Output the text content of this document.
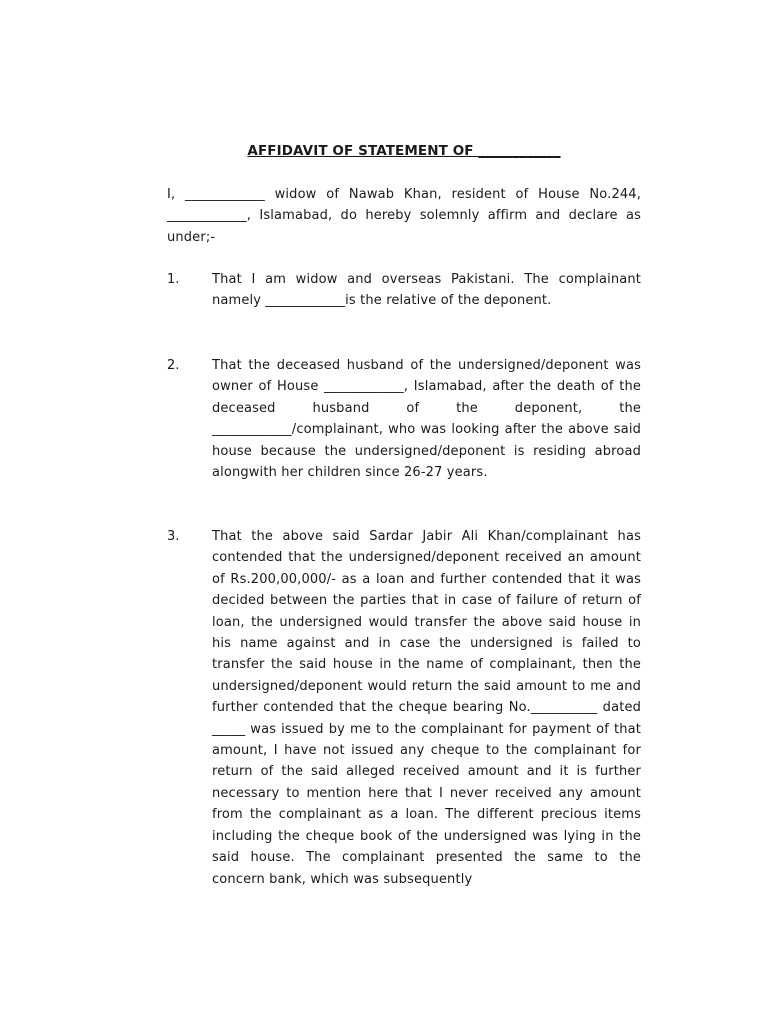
AFFIDAVIT OF STATEMENT OF ____________

I, ____________ widow of Nawab Khan, resident of House No.244, ____________, Islamabad, do hereby solemnly affirm and declare as under;-

1.	That I am widow and overseas Pakistani. The complainant namely ____________is the relative of the deponent.

2.	That the deceased husband of the undersigned/deponent was owner of House ____________, Islamabad, after the death of the deceased husband of the deponent, the ____________/complainant, who was looking after the above said house because the undersigned/deponent is residing abroad alongwith her children since 26-27 years.

3.	That the above said Sardar Jabir Ali Khan/complainant has contended that the undersigned/deponent received an amount of Rs.200,00,000/- as a loan and further contended that it was decided between the parties that in case of failure of return of loan, the undersigned would transfer the above said house in his name against and in case the undersigned is failed to transfer the said house in the name of complainant, then the undersigned/deponent would return the said amount to me and further contended that the cheque bearing No.__________ dated _____ was issued by me to the complainant for payment of that amount, I have not issued any cheque to the complainant for return of the said alleged received amount and it is further necessary to mention here that I never received any amount from the complainant as a loan. The different precious items including the cheque book of the undersigned was lying in the said house. The complainant presented the same to the concern bank, which was subsequently
